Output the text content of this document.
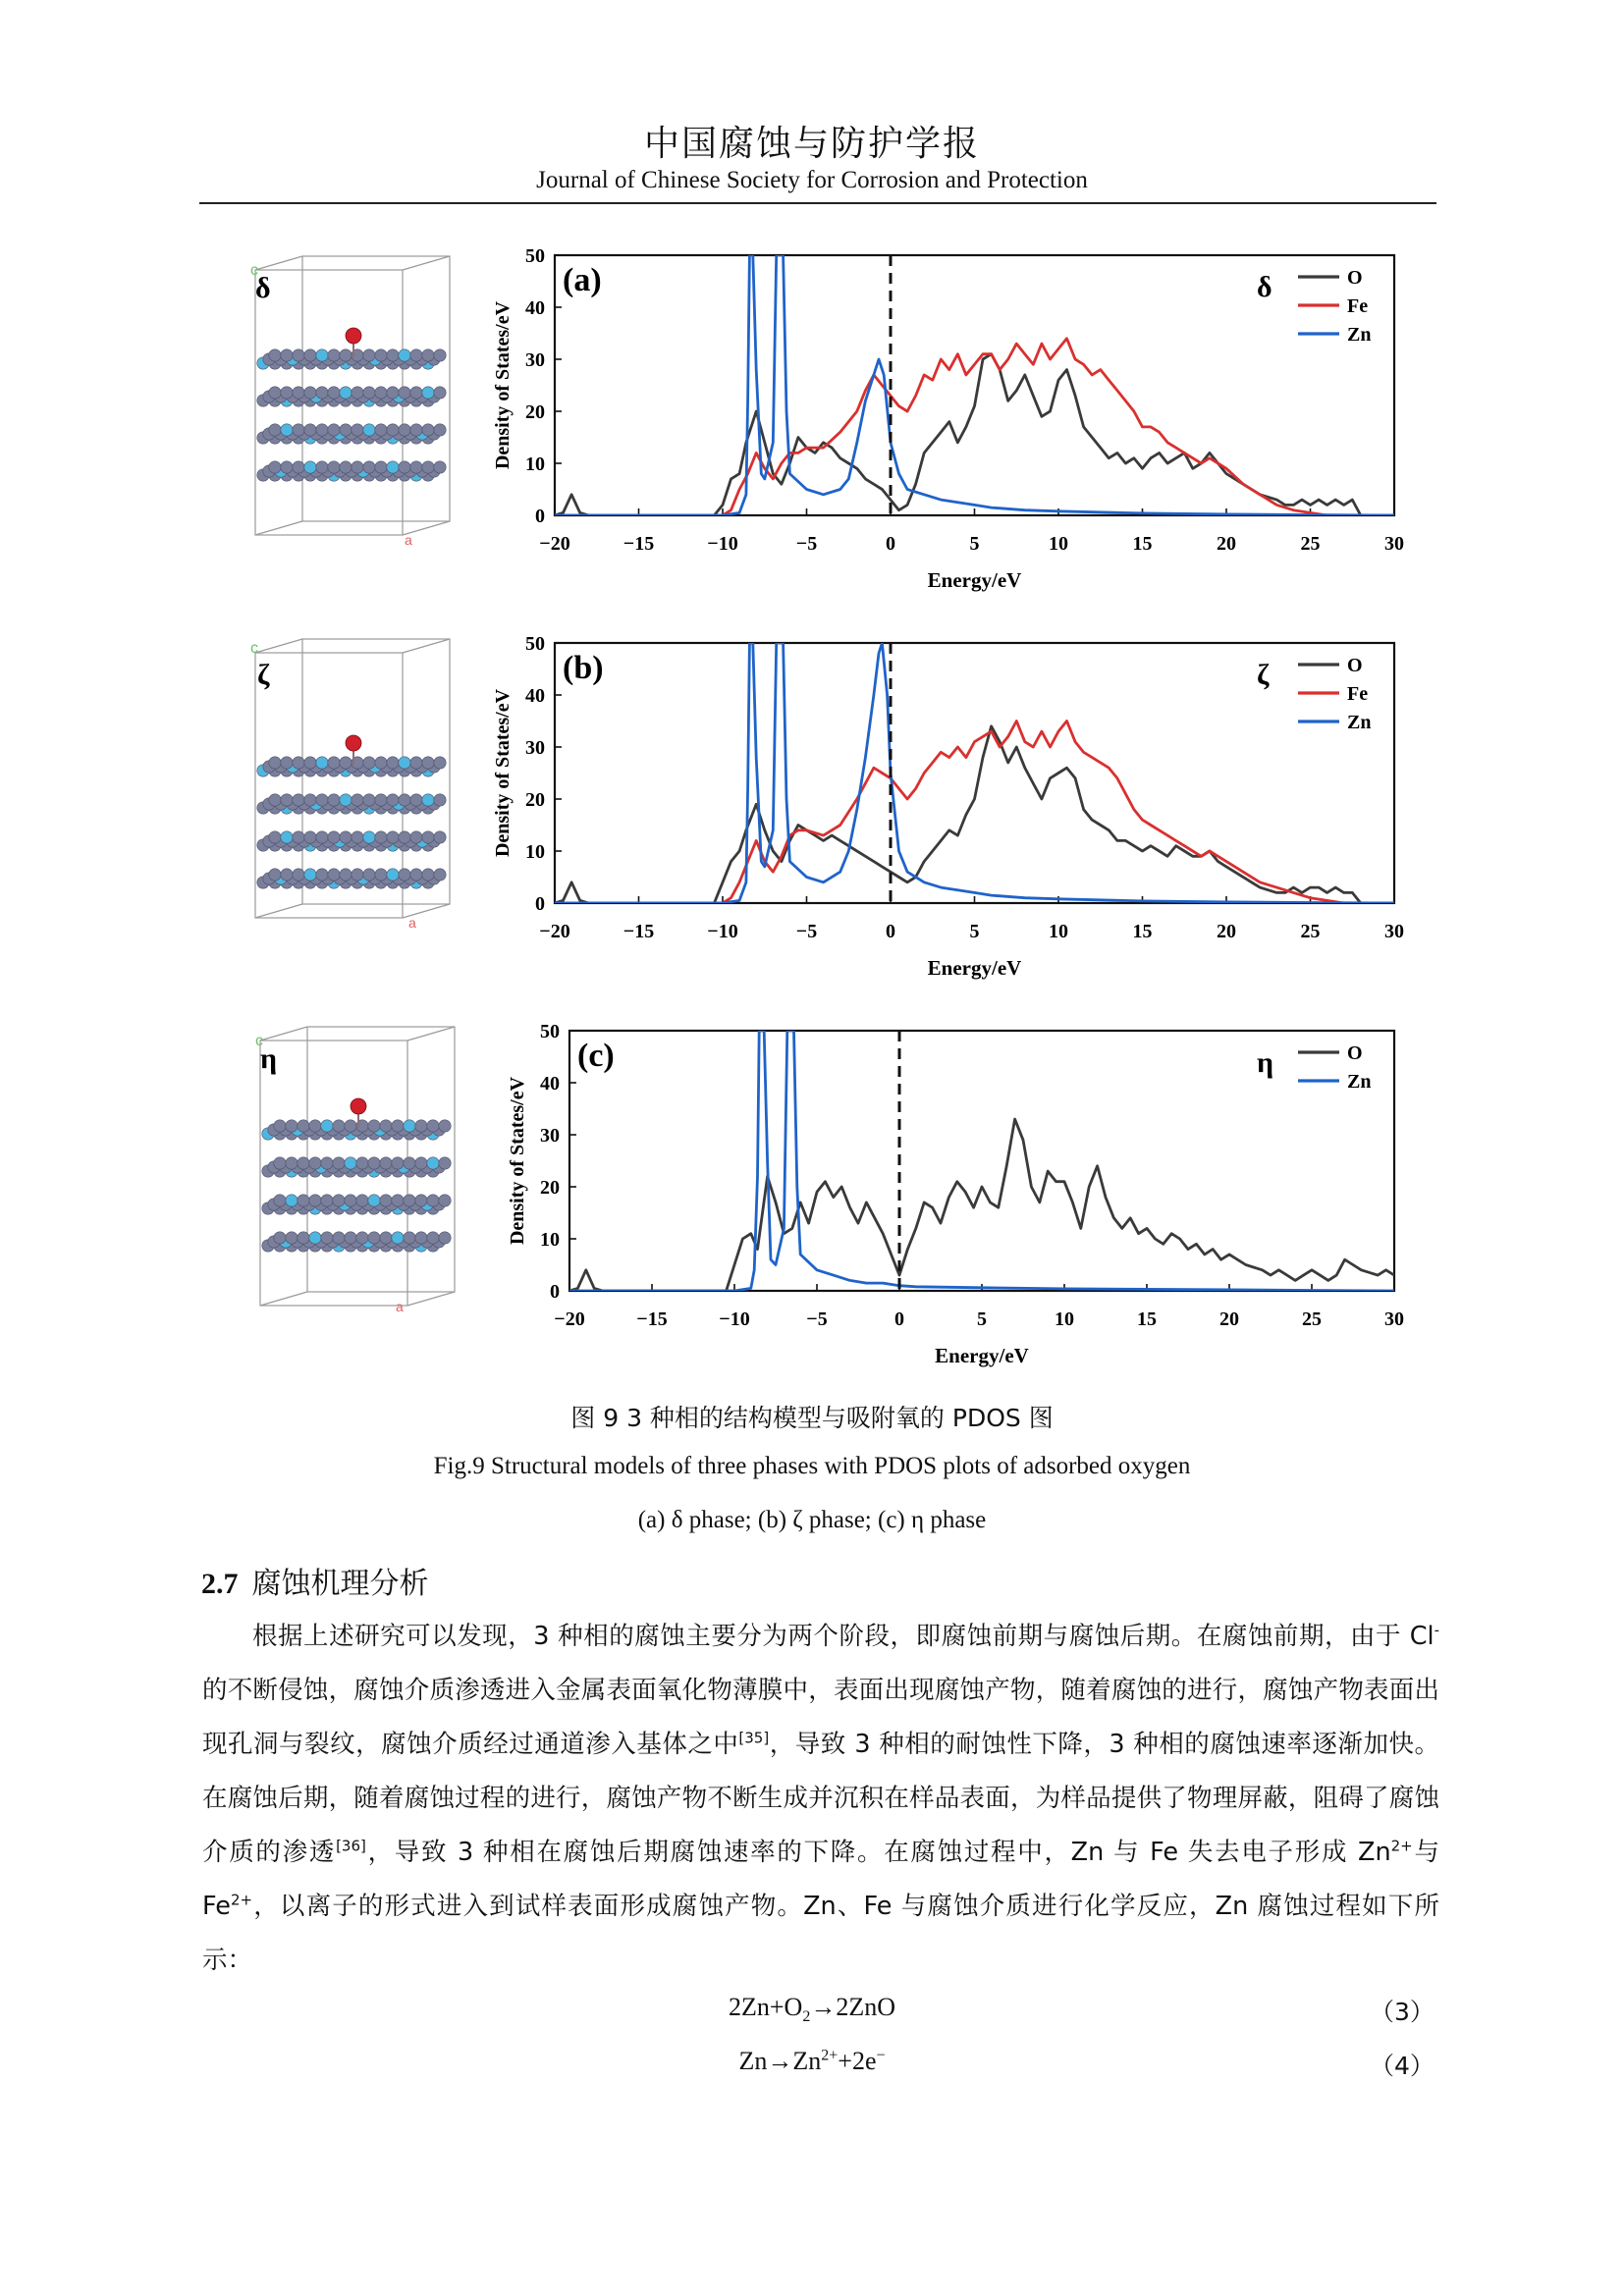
中国腐蚀与防护学报
Journal of Chinese Society for Corrosion and Protection
δ
c
a
ζ
c
a
η
c
a
−20	−15	−10	−5	0	5	10	15	20	25	30
0
10
20
30
40
50
Energy/eV
Density of States/eV
(a)	δ	O
Fe
Zn
−20	−15	−10	−5	0	5	10	15	20	25	30
0
10
20
30
40
50
Energy/eV
Density of States/eV
(b)	ζ	O
Fe
Zn
−20	−15	−10	−5	0	5	10	15	20	25	30
0
10
20
30
40
50
Energy/eV
Density of States/eV
(c)	η	O
Zn
图 9 3 种相的结构模型与吸附氧的 PDOS 图
Fig.9 Structural models of three phases with PDOS plots of adsorbed oxygen
(a) δ phase; (b) ζ phase; (c) η phase
2.7 腐蚀机理分析
根据上述研究可以发现，3 种相的腐蚀主要分为两个阶段，即腐蚀前期与腐蚀后期。在腐蚀前期，由于 Cl-的不断侵蚀，腐蚀介质渗透进入金属表面氧化物薄膜中，表面出现腐蚀产物，随着腐蚀的进行，腐蚀产物表面出现孔洞与裂纹，腐蚀介质经过通道渗入基体之中[35]，导致 3 种相的耐蚀性下降，3 种相的腐蚀速率逐渐加快。在腐蚀后期，随着腐蚀过程的进行，腐蚀产物不断生成并沉积在样品表面，为样品提供了物理屏蔽，阻碍了腐蚀介质的渗透[36]，导致 3 种相在腐蚀后期腐蚀速率的下降。在腐蚀过程中，Zn 与 Fe 失去电子形成 $Zn^{2+}$与 $Fe^{2+}$，以离子的形式进入到试样表面形成腐蚀产物。Zn、Fe 与腐蚀介质进行化学反应，Zn 腐蚀过程如下所示：
$2Zn+O_2\to 2ZnO$	（3）
$Zn\to Zn^{2+}+2e^-$	（4）
